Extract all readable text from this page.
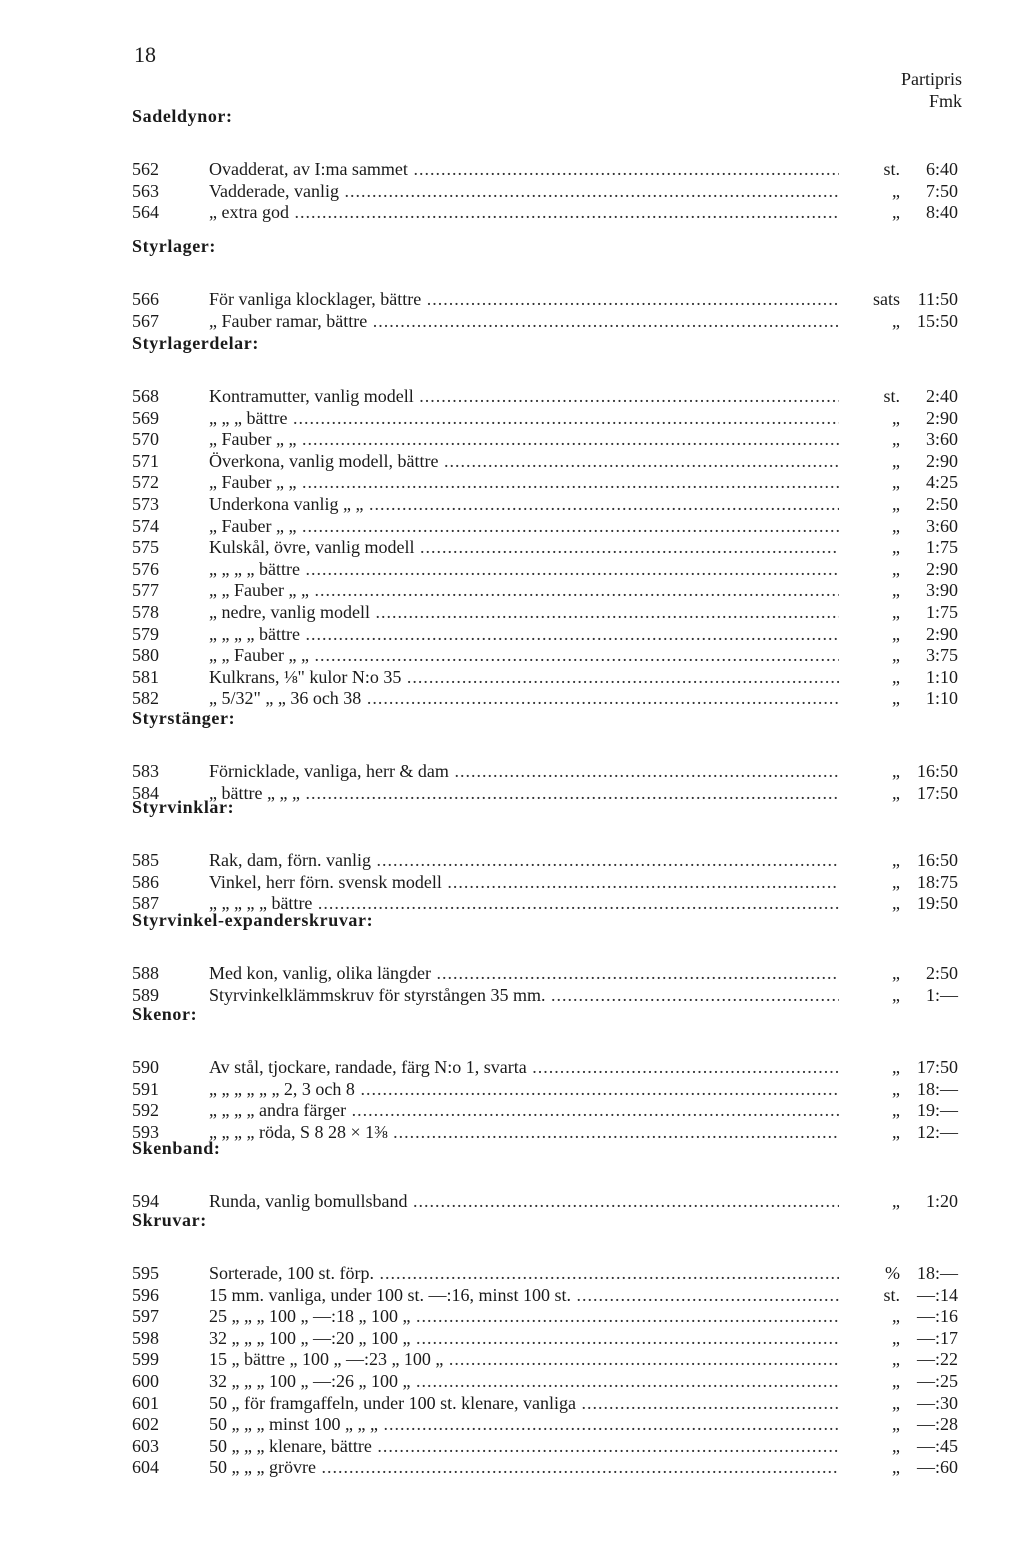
18
Partipris
Fmk
Sadeldynor:
562	Ovadderat, av I:ma sammet .....	st.	6:40
563	Vadderade, vanlig .....	„	7:50
564	„ extra god .....	„	8:40
Styrlager:
566	För vanliga klocklager, bättre .....	sats 11:50
567	„ Fauber ramar, bättre .....	„ 15:50
Styrlagerdelar:
568	Kontramutter, vanlig modell .....	st.	2:40
569	„ „ „ bättre .....	„	2:90
570	„ Fauber „ „ .....	„	3:60
571	Överkona, vanlig modell, bättre .....	„	2:90
572	„ Fauber „ „ .....	„	4:25
573	Underkona vanlig „ „ .....	„	2:50
574	„ Fauber „ „ .....	„	3:60
575	Kulskål, övre, vanlig modell .....	„	1:75
576	„ „ „ „ bättre .....	„	2:90
577	„ „ Fauber „ „ .....	„	3:90
578	„ nedre, vanlig modell .....	„	1:75
579	„ „ „ „ bättre .....	„	2:90
580	„ „ Fauber „ „ .....	„	3:75
581	Kulkrans, ⅛" kulor N:o 35 .....	„	1:10
582	„ 5/32" „ „ 36 och 38 .....	„	1:10
Styrstänger:
583	Förnicklade, vanliga, herr & dam .....	„ 16:50
584	„ bättre „ „ „ .....	„ 17:50
Styrvinklar:
585	Rak, dam, förn. vanlig .....	„ 16:50
586	Vinkel, herr förn. svensk modell .....	„ 18:75
587	„ „ „ „ „ bättre .....	„ 19:50
Styrvinkel-expanderskruvar:
588	Med kon, vanlig, olika längder .....	„	2:50
589	Styrvinkelklämmskruv för styrstången 35 mm. .....	„	1:—
Skenor:
590	Av stål, tjockare, randade, färg N:o 1, svarta .....	„ 17:50
591	„ „ „ „ „ „ 2, 3 och 8 .....	„ 18:—
592	„ „ „ „ andra färger .....	„ 19:—
593	„ „ „ „ röda, S 8 28 × 1⅜ .....	„ 12:—
Skenband:
594	Runda, vanlig bomullsband .....	„	1:20
Skruvar:
595	Sorterade, 100 st. förp. .....	% 18:—
596	15 mm. vanliga, under 100 st. —:16, minst 100 st. .....	st. —:14
597	25 „ „ „ 100 „ —:18 „ 100 „ .....	„ —:16
598	32 „ „ „ 100 „ —:20 „ 100 „ .....	„ —:17
599	15 „ bättre „ 100 „ —:23 „ 100 „ .....	„ —:22
600	32 „ „ „ 100 „ —:26 „ 100 „ .....	„ —:25
601	50 „ för framgaffeln, under 100 st. klenare, vanliga .....	„ —:30
602	50 „ „ „ minst 100 „ „ „ .....	„ —:28
603	50 „ „ „ klenare, bättre .....	„ —:45
604	50 „ „ „ grövre .....	„ —:60
